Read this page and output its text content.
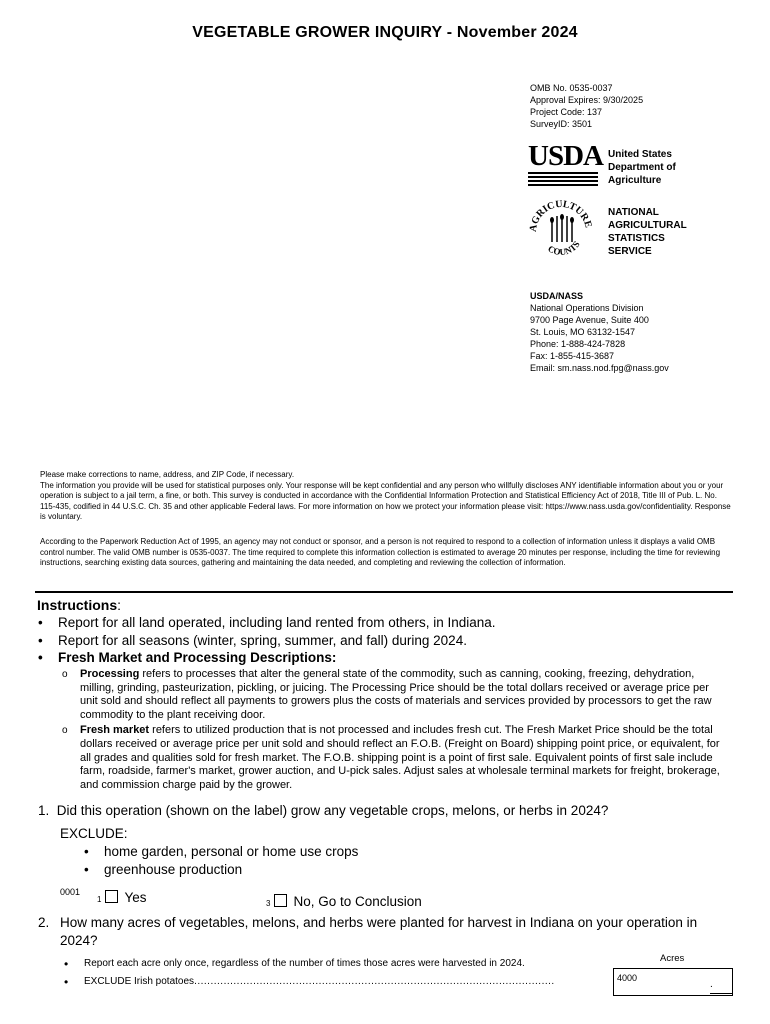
VEGETABLE GROWER INQUIRY - November 2024
OMB No. 0535-0037
Approval Expires: 9/30/2025
Project Code: 137
SurveyID: 3501
USDA United States
Department of
Agriculture
AGRICULTURE
COUNTS
NATIONAL
AGRICULTURAL
STATISTICS
SERVICE
USDA/NASS
National Operations Division
9700 Page Avenue, Suite 400
St. Louis, MO 63132-1547
Phone: 1-888-424-7828
Fax: 1-855-415-3687
Email: sm.nass.nod.fpg@nass.gov
Please make corrections to name, address, and ZIP Code, if necessary.
The information you provide will be used for statistical purposes only. Your response will be kept confidential and any person who willfully discloses ANY identifiable information about you or your operation is subject to a jail term, a fine, or both. This survey is conducted in accordance with the Confidential Information Protection and Statistical Efficiency Act of 2018, Title III of Pub. L. No. 115-435, codified in 44 U.S.C. Ch. 35 and other applicable Federal laws. For more information on how we protect your information please visit: https://www.nass.usda.gov/confidentiality. Response is voluntary.
According to the Paperwork Reduction Act of 1995, an agency may not conduct or sponsor, and a person is not required to respond to a collection of information unless it displays a valid OMB control number. The valid OMB number is 0535-0037. The time required to complete this information collection is estimated to average 20 minutes per response, including the time for reviewing instructions, searching existing data sources, gathering and maintaining the data needed, and completing and reviewing the collection of information.
Instructions:
• Report for all land operated, including land rented from others, in Indiana.
• Report for all seasons (winter, spring, summer, and fall) during 2024.
• Fresh Market and Processing Descriptions:
o Processing refers to processes that alter the general state of the commodity, such as canning, cooking, freezing, dehydration, milling, grinding, pasteurization, pickling, or juicing. The Processing Price should be the total dollars received or average price per unit sold and should reflect all payments to growers plus the costs of materials and services provided by processors to get the raw commodity to the plant receiving door.
o Fresh market refers to utilized production that is not processed and includes fresh cut. The Fresh Market Price should be the total dollars received or average price per unit sold and should reflect an F.O.B. (Freight on Board) shipping point price, or equivalent, for all grades and qualities sold for fresh market. The F.O.B. shipping point is a point of first sale. Equivalent points of first sale include farm, roadside, farmer's market, grower auction, and U-pick sales. Adjust sales at wholesale terminal markets for freight, brokerage, and commission charge paid by the grower.
1. Did this operation (shown on the label) grow any vegetable crops, melons, or herbs in 2024?
EXCLUDE:
• home garden, personal or home use crops
• greenhouse production
0001
1 Yes	3 No, Go to Conclusion
2. How many acres of vegetables, melons, and herbs were planted for harvest in Indiana on your operation in 2024?
• Report each acre only once, regardless of the number of times those acres were harvested in 2024.
• EXCLUDE Irish potatoes..............................................................................................................
Acres
4000
.
